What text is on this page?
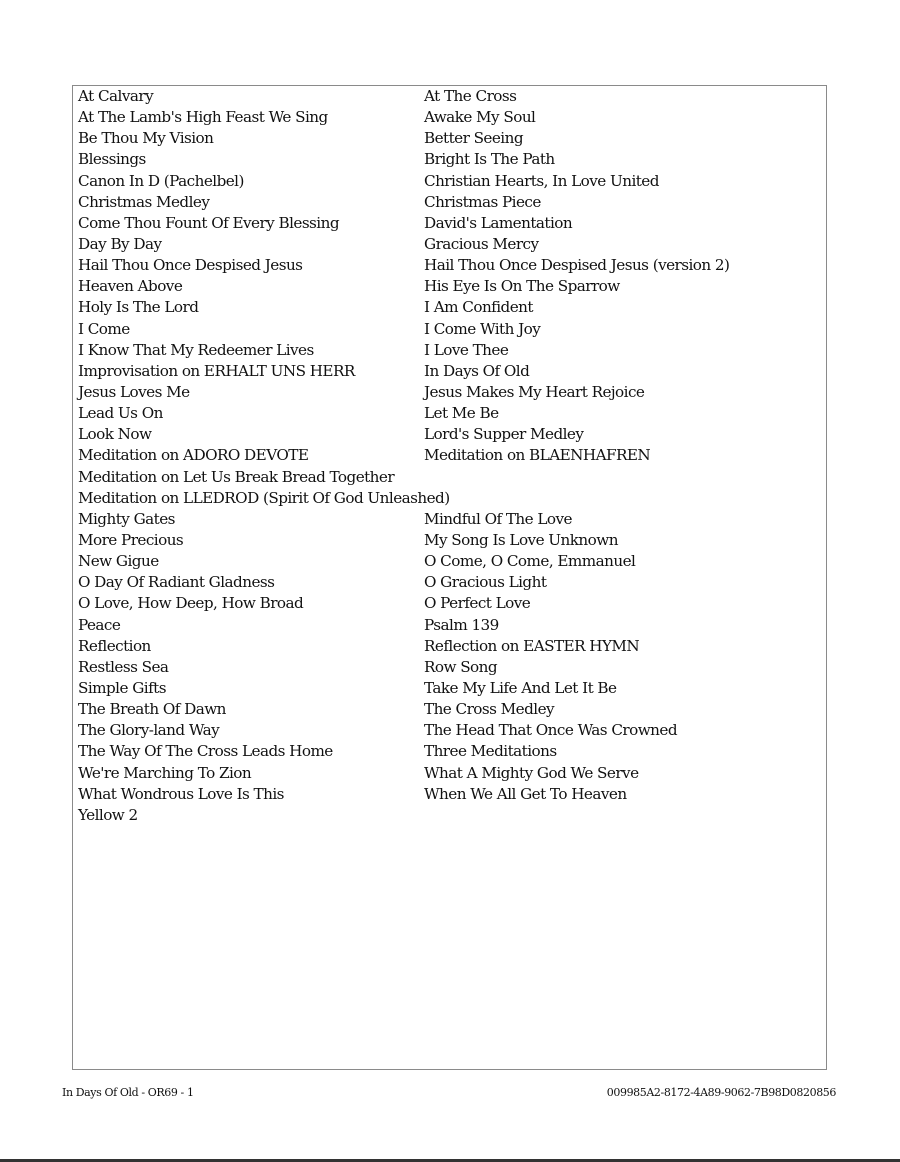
At Calvary	At The Cross
At The Lamb's High Feast We Sing	Awake My Soul
Be Thou My Vision	Better Seeing
Blessings	Bright Is The Path
Canon In D (Pachelbel)	Christian Hearts, In Love United
Christmas Medley	Christmas Piece
Come Thou Fount Of Every Blessing	David's Lamentation
Day By Day	Gracious Mercy
Hail Thou Once Despised Jesus	Hail Thou Once Despised Jesus (version 2)
Heaven Above	His Eye Is On The Sparrow
Holy Is The Lord	I Am Confident
I Come	I Come With Joy
I Know That My Redeemer Lives	I Love Thee
Improvisation on ERHALT UNS HERR	In Days Of Old
Jesus Loves Me	Jesus Makes My Heart Rejoice
Lead Us On	Let Me Be
Look Now	Lord's Supper Medley
Meditation on ADORO DEVOTE	Meditation on BLAENHAFREN
Meditation on Let Us Break Bread Together
Meditation on LLEDROD (Spirit Of God Unleashed)
Mighty Gates	Mindful Of The Love
More Precious	My Song Is Love Unknown
New Gigue	O Come, O Come, Emmanuel
O Day Of Radiant Gladness	O Gracious Light
O Love, How Deep, How Broad	O Perfect Love
Peace	Psalm 139
Reflection	Reflection on EASTER HYMN
Restless Sea	Row Song
Simple Gifts	Take My Life And Let It Be
The Breath Of Dawn	The Cross Medley
The Glory-land Way	The Head That Once Was Crowned
The Way Of The Cross Leads Home	Three Meditations
We're Marching To Zion	What A Mighty God We Serve
What Wondrous Love Is This	When We All Get To Heaven
Yellow 2
In Days Of Old - OR69 - 1	009985A2-8172-4A89-9062-7B98D0820856
